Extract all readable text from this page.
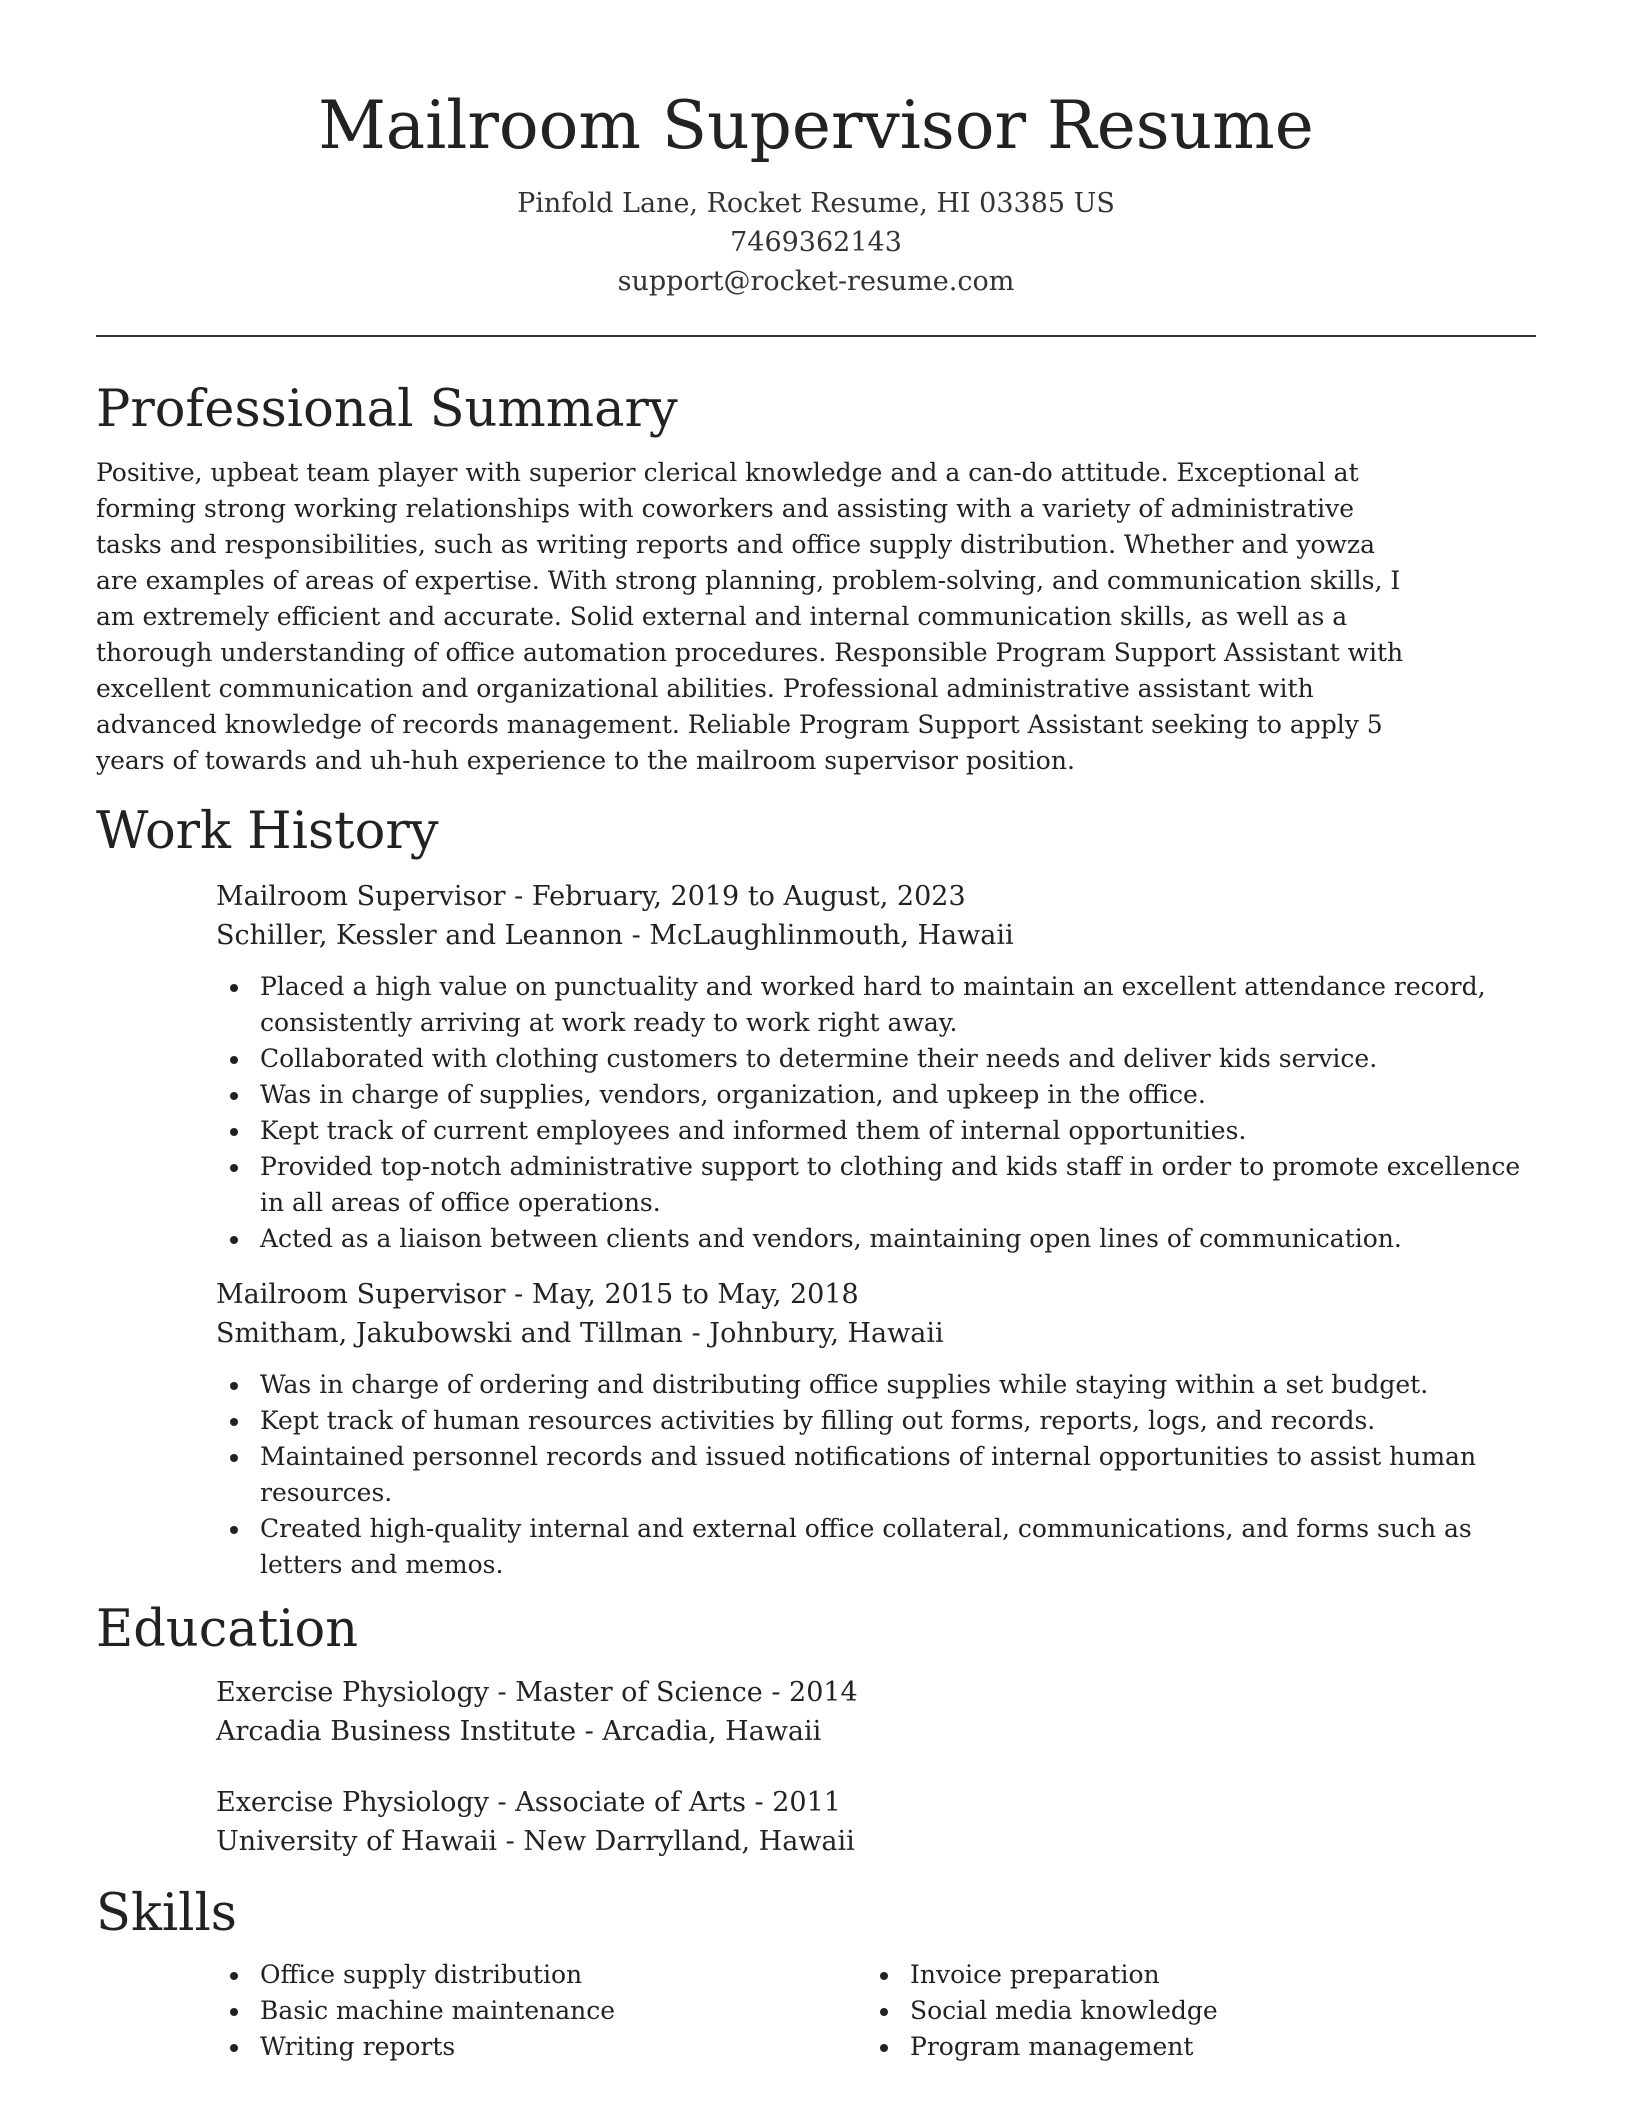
Mailroom Supervisor Resume

Pinfold Lane, Rocket Resume, HI 03385 US

7469362143

support@rocket-resume.com

Professional Summary

Positive, upbeat team player with superior clerical knowledge and a can-do attitude. Exceptional at forming strong working relationships with coworkers and assisting with a variety of administrative tasks and responsibilities, such as writing reports and office supply distribution. Whether and yowza are examples of areas of expertise. With strong planning, problem-solving, and communication skills, I am extremely efficient and accurate. Solid external and internal communication skills, as well as a thorough understanding of office automation procedures. Responsible Program Support Assistant with excellent communication and organizational abilities. Professional administrative assistant with advanced knowledge of records management. Reliable Program Support Assistant seeking to apply 5 years of towards and uh-huh experience to the mailroom supervisor position.

Work History

Mailroom Supervisor - February, 2019 to August, 2023

Schiller, Kessler and Leannon - McLaughlinmouth, Hawaii

Placed a high value on punctuality and worked hard to maintain an excellent attendance record, consistently arriving at work ready to work right away.
Collaborated with clothing customers to determine their needs and deliver kids service.
Was in charge of supplies, vendors, organization, and upkeep in the office.
Kept track of current employees and informed them of internal opportunities.
Provided top-notch administrative support to clothing and kids staff in order to promote excellence in all areas of office operations.
Acted as a liaison between clients and vendors, maintaining open lines of communication.

Mailroom Supervisor - May, 2015 to May, 2018

Smitham, Jakubowski and Tillman - Johnbury, Hawaii

Was in charge of ordering and distributing office supplies while staying within a set budget.
Kept track of human resources activities by filling out forms, reports, logs, and records.
Maintained personnel records and issued notifications of internal opportunities to assist human resources.
Created high-quality internal and external office collateral, communications, and forms such as letters and memos.
Education

Exercise Physiology - Master of Science - 2014

Arcadia Business Institute - Arcadia, Hawaii

Exercise Physiology - Associate of Arts - 2011

University of Hawaii - New Darrylland, Hawaii

Skills
Office supply distribution
Basic machine maintenance
Writing reports
Invoice preparation
Social media knowledge
Program management
